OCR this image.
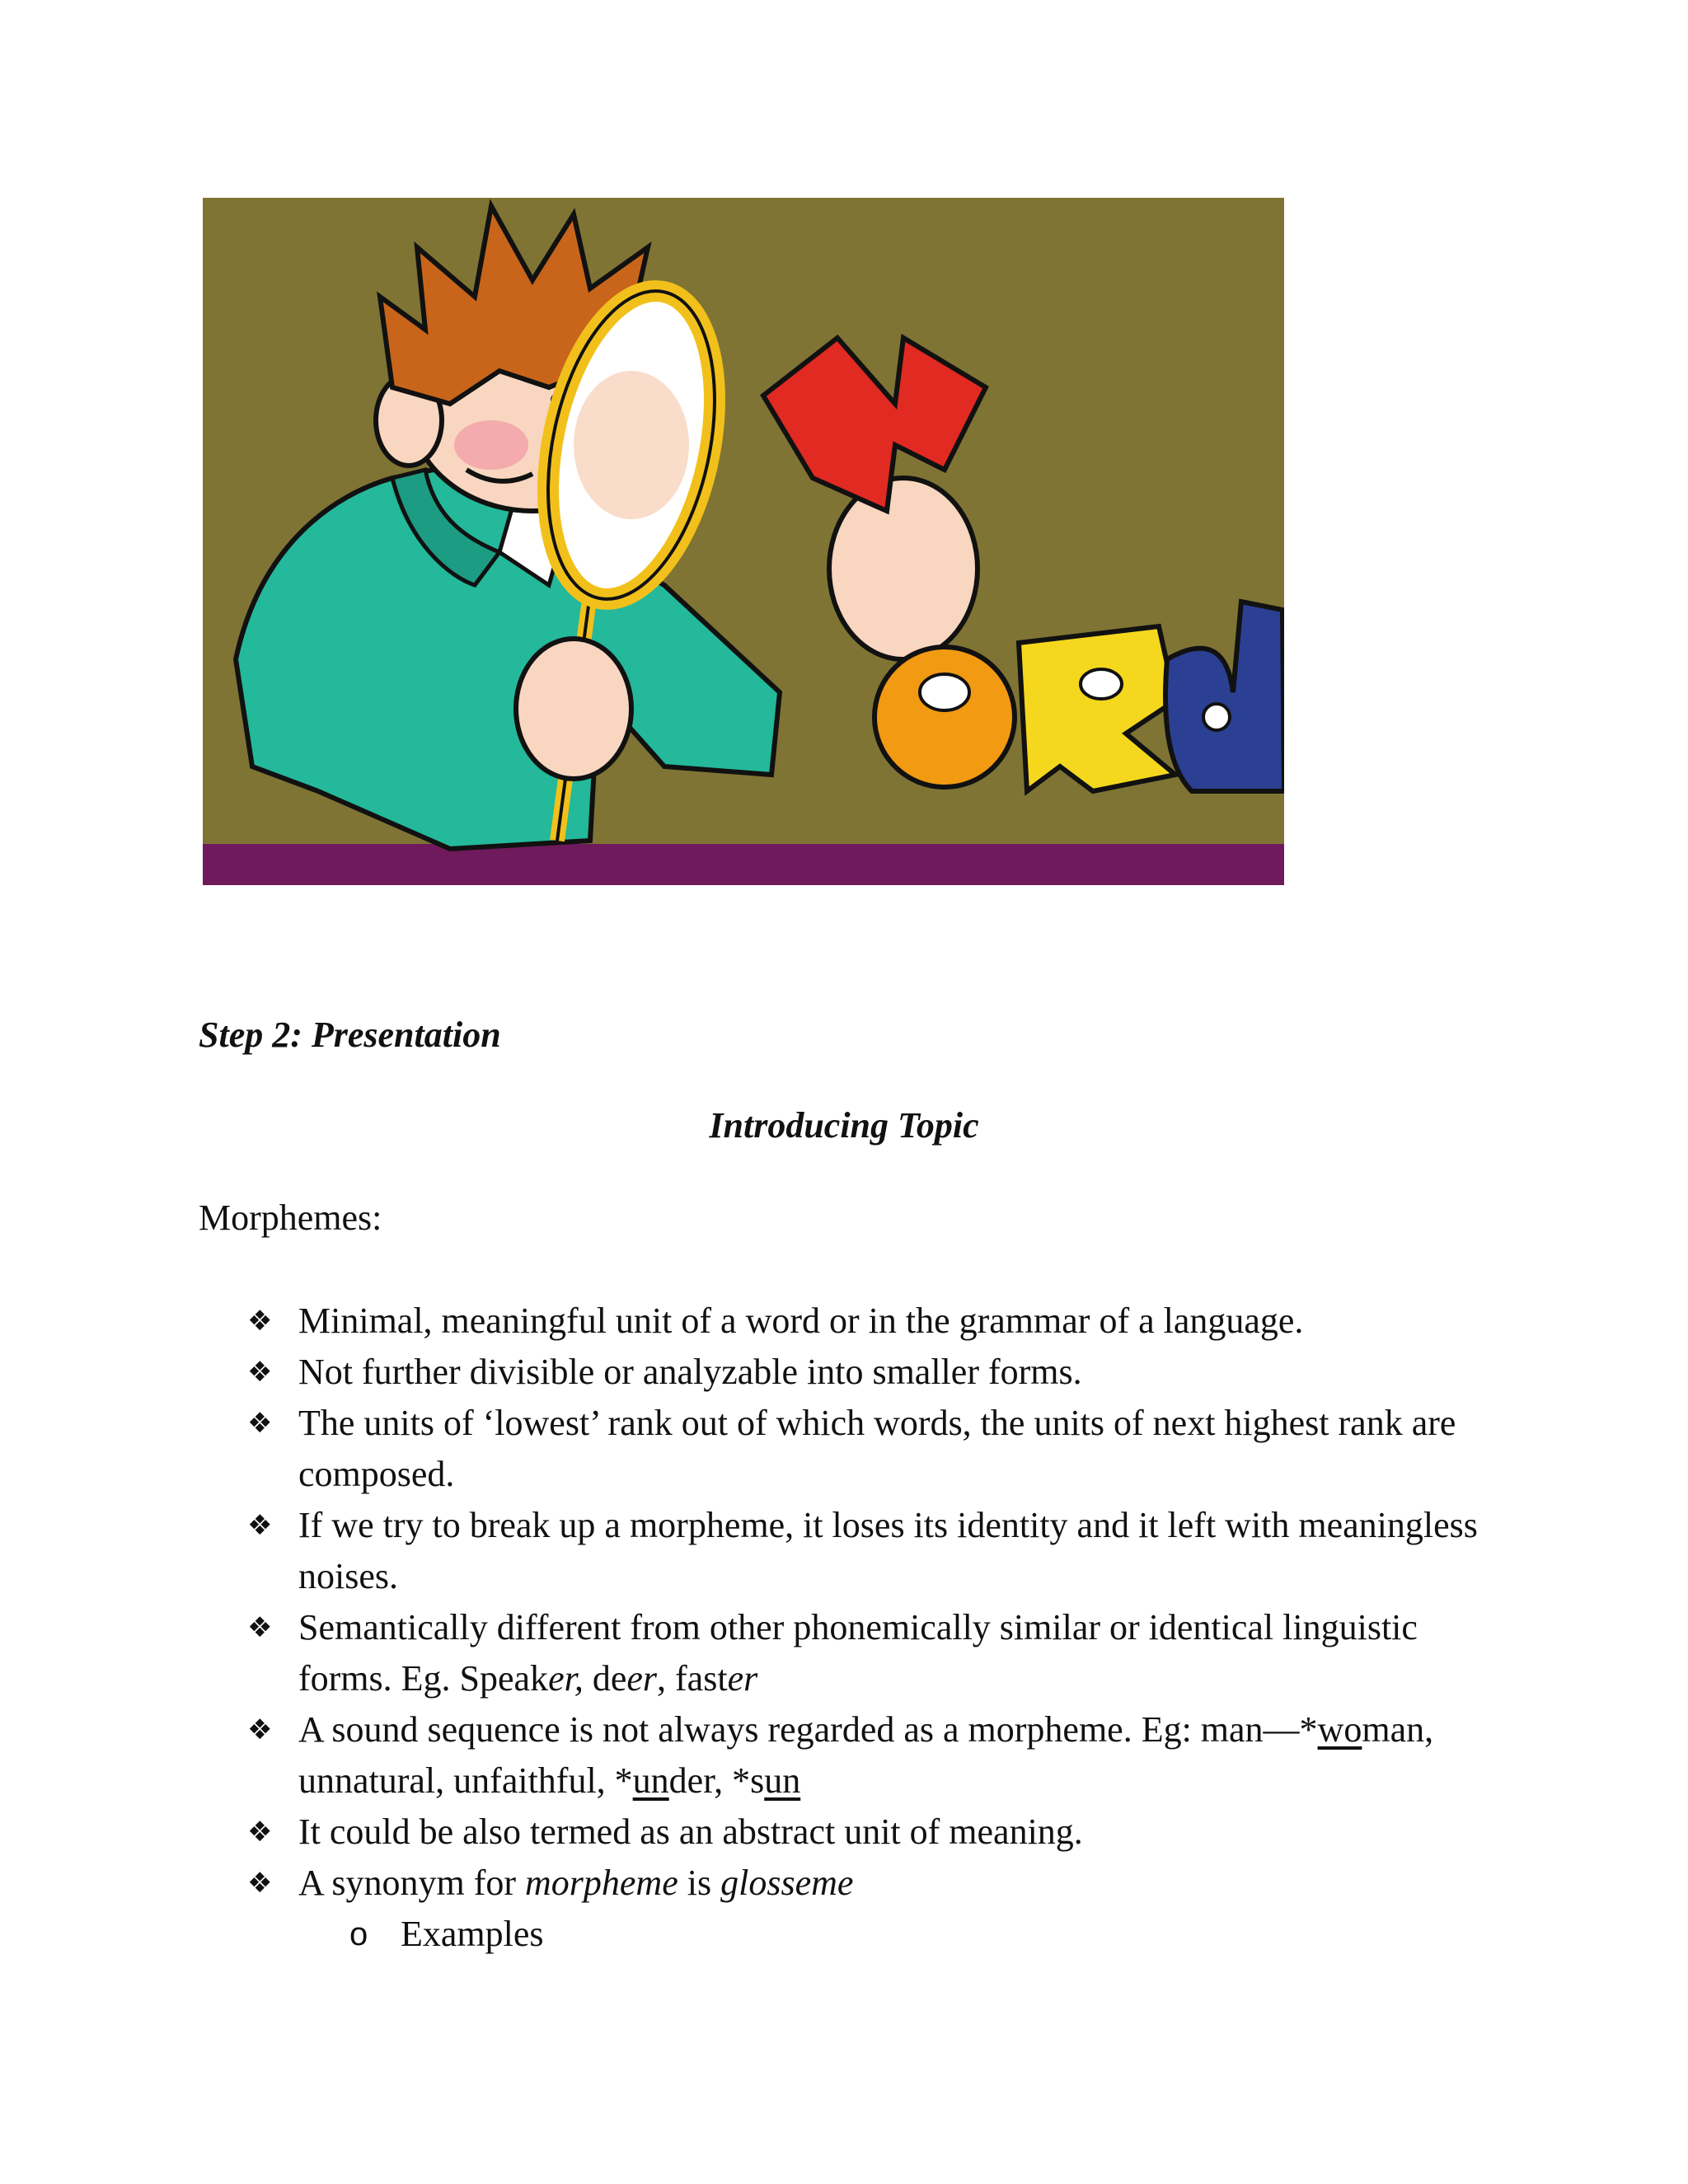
Step 2: Presentation
Introducing Topic
Morphemes:
❖ Minimal, meaningful unit of a word or in the grammar of a language.
❖ Not further divisible or analyzable into smaller forms.
❖ The units of ‘lowest’ rank out of which words, the units of next highest rank are composed.
❖ If we try to break up a morpheme, it loses its identity and it left with meaningless noises.
❖ Semantically different from other phonemically similar or identical linguistic forms. Eg. Speaker, deer, faster
❖ A sound sequence is not always regarded as a morpheme. Eg: man—*woman, unnatural, unfaithful, *under, *sun
❖ It could be also termed as an abstract unit of meaning.
❖ A synonym for morpheme is glosseme
o Examples
